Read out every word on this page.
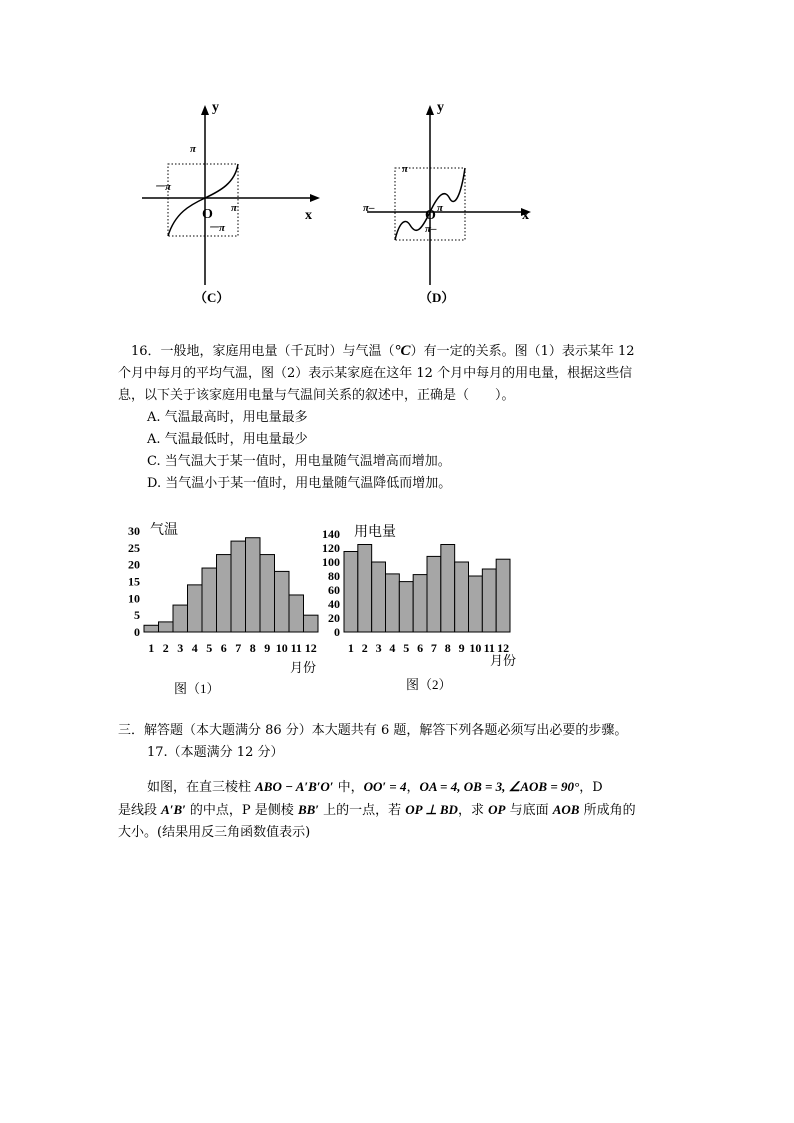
y
x
O
π
－π
π
－π
（C）
y
x
O
π
π–	π
π–
（D）
16．一般地，家庭用电量（千瓦时）与气温（°C）有一定的关系。图（1）表示某年 12
个月中每月的平均气温，图（2）表示某家庭在这年 12 个月中每月的用电量，根据这些信
息，以下关于该家庭用电量与气温间关系的叙述中，正确是（　　）。
A. 气温最高时，用电量最多
A. 气温最低时，用电量最少
C. 当气温大于某一值时，用电量随气温增高而增加。
D. 当气温小于某一值时，用电量随气温降低而增加。
气温
0
5
10
15
20
25
30
1 2 3 4 5 6 7 8 9 10 11 12
月份
图（1）
用电量
0
20
40
60
80
100
120
140
1 2 3 4 5 6 7 8 9 10 11 12
月份
图（2）
三．解答题（本大题满分 86 分）本大题共有 6 题，解答下列各题必须写出必要的步骤。
17.（本题满分 12 分）
如图，在直三棱柱 ABO − A′B′O′ 中，OO′ = 4，OA = 4, OB = 3, ∠AOB = 90°，D
是线段 A′B′ 的中点，P 是侧棱 BB′ 上的一点，若 OP ⊥ BD，求 OP 与底面 AOB 所成角的
大小。(结果用反三角函数值表示)
